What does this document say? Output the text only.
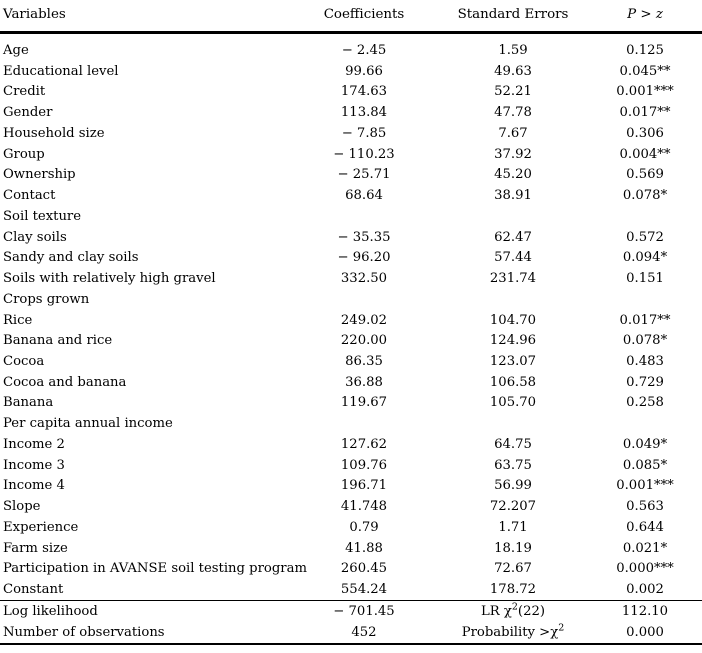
Variables	Coefficients	Standard Errors	P > z

Age	− 2.45	1.59	0.125
Educational level	99.66	49.63	0.045**
Credit	174.63	52.21	0.001***
Gender	113.84	47.78	0.017**
Household size	− 7.85	7.67	0.306
Group	− 110.23	37.92	0.004**
Ownership	− 25.71	45.20	0.569
Contact	68.64	38.91	0.078*
Soil texture			
Clay soils	− 35.35	62.47	0.572
Sandy and clay soils	− 96.20	57.44	0.094*
Soils with relatively high gravel	332.50	231.74	0.151
Crops grown			
Rice	249.02	104.70	0.017**
Banana and rice	220.00	124.96	0.078*
Cocoa	86.35	123.07	0.483
Cocoa and banana	36.88	106.58	0.729
Banana	119.67	105.70	0.258
Per capita annual income			
Income 2	127.62	64.75	0.049*
Income 3	109.76	63.75	0.085*
Income 4	196.71	56.99	0.001***
Slope	41.748	72.207	0.563
Experience	0.79	1.71	0.644
Farm size	41.88	18.19	0.021*
Participation in AVANSE soil testing program	260.45	72.67	0.000***
Constant	554.24	178.72	0.002

Log likelihood	− 701.45	LR $\chi^2(22)$	112.10
Number of observations	452	Probability $>\chi^2$	0.000
